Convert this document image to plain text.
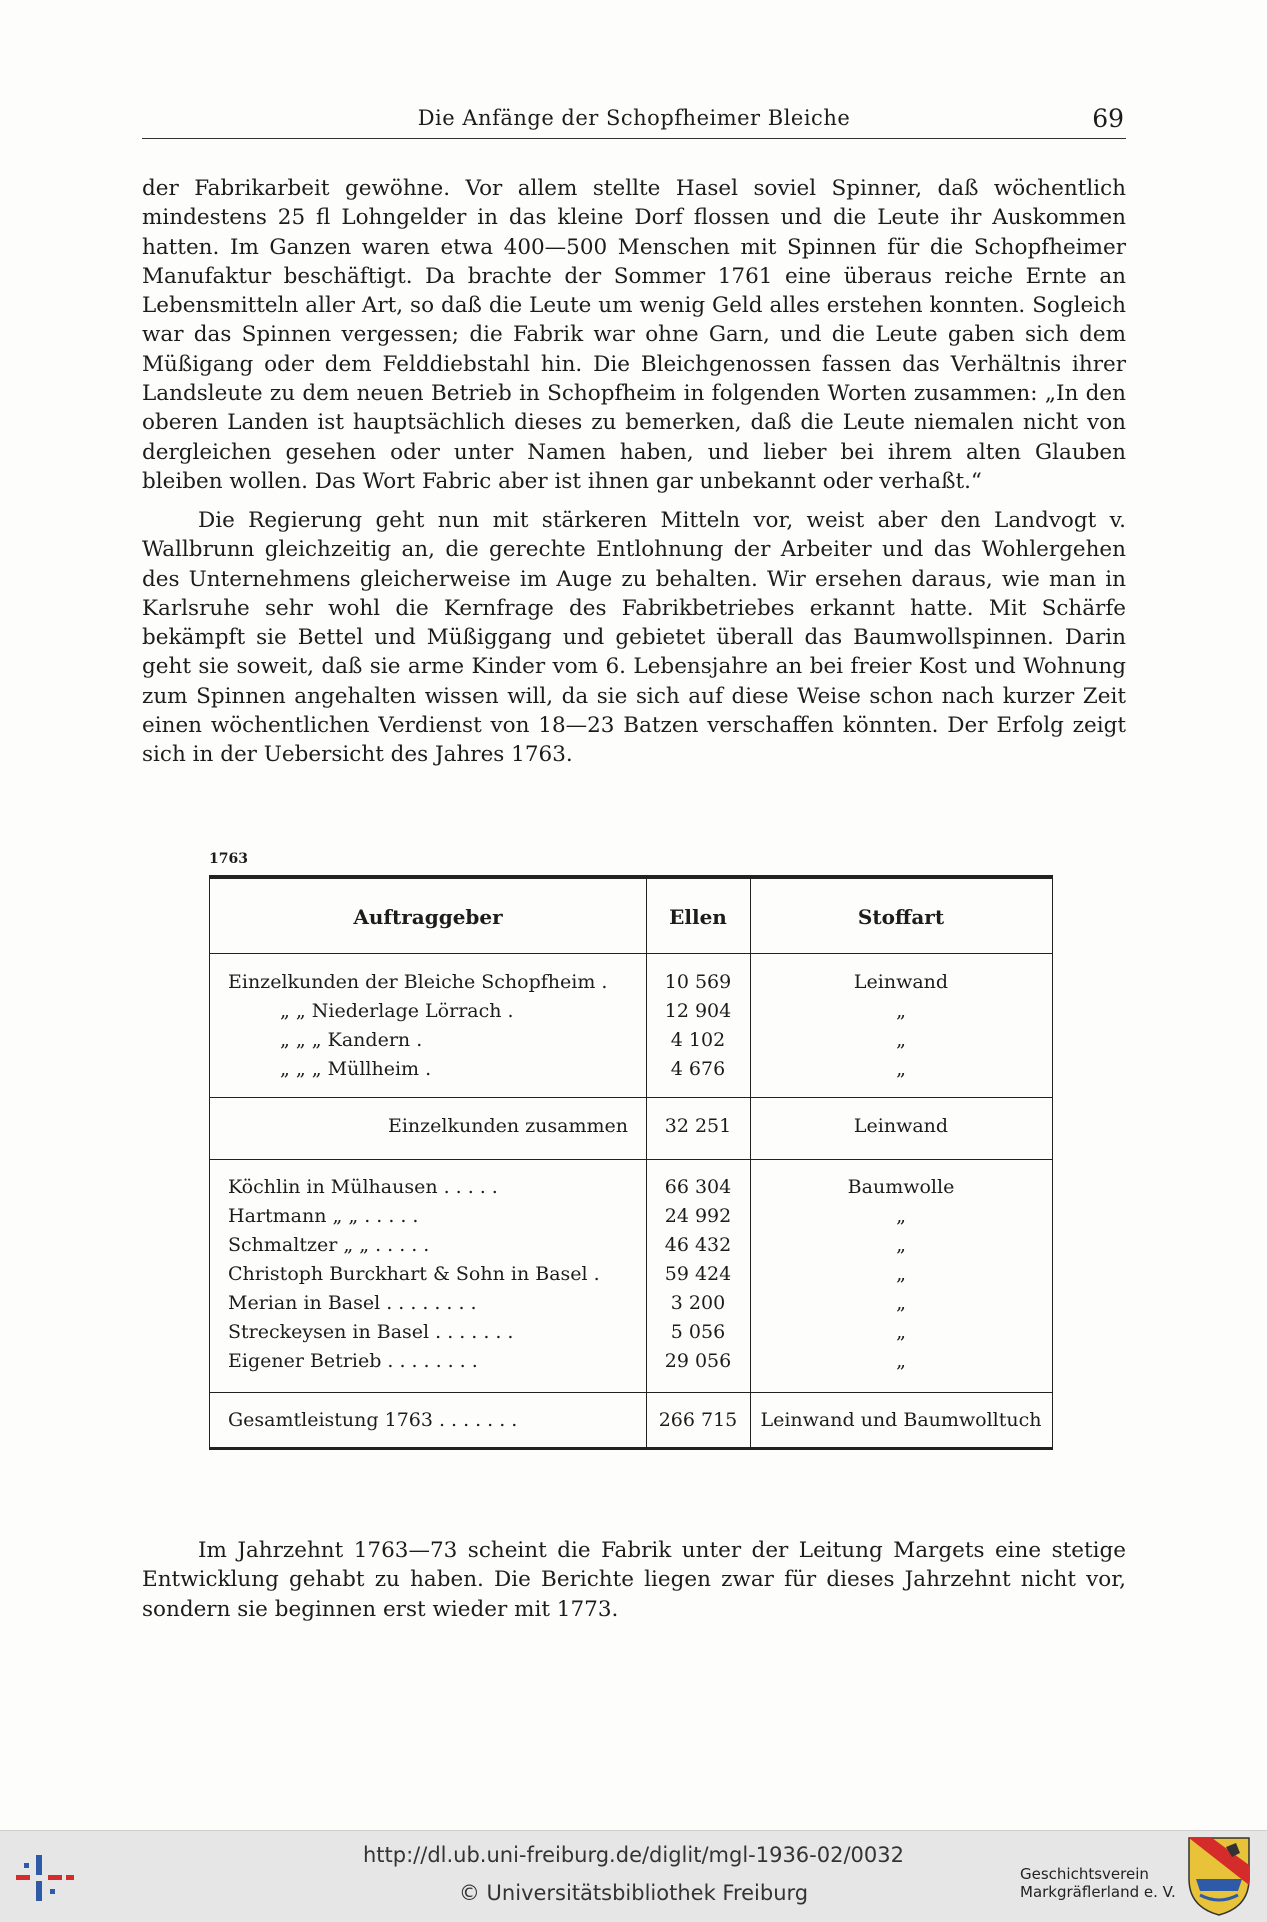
Die Anfänge der Schopfheimer Bleiche	69

der Fabrikarbeit gewöhne. Vor allem stellte Hasel soviel Spinner, daß wöchentlich mindestens 25 fl Lohngelder in das kleine Dorf flossen und die Leute ihr Auskommen hatten. Im Ganzen waren etwa 400—500 Menschen mit Spinnen für die Schopfheimer Manufaktur beschäftigt. Da brachte der Sommer 1761 eine überaus reiche Ernte an Lebensmitteln aller Art, so daß die Leute um wenig Geld alles erstehen konnten. Sogleich war das Spinnen vergessen; die Fabrik war ohne Garn, und die Leute gaben sich dem Müßigang oder dem Felddiebstahl hin. Die Bleichgenossen fassen das Verhältnis ihrer Landsleute zu dem neuen Betrieb in Schopfheim in folgenden Worten zusammen: „In den oberen Landen ist hauptsächlich dieses zu bemerken, daß die Leute niemalen nicht von dergleichen gesehen oder unter Namen haben, und lieber bei ihrem alten Glauben bleiben wollen. Das Wort Fabric aber ist ihnen gar unbekannt oder verhaßt.“

Die Regierung geht nun mit stärkeren Mitteln vor, weist aber den Landvogt v. Wallbrunn gleichzeitig an, die gerechte Entlohnung der Arbeiter und das Wohlergehen des Unternehmens gleicherweise im Auge zu behalten. Wir ersehen daraus, wie man in Karlsruhe sehr wohl die Kernfrage des Fabrikbetriebes erkannt hatte. Mit Schärfe bekämpft sie Bettel und Müßiggang und gebietet überall das Baumwollspinnen. Darin geht sie soweit, daß sie arme Kinder vom 6. Lebensjahre an bei freier Kost und Wohnung zum Spinnen angehalten wissen will, da sie sich auf diese Weise schon nach kurzer Zeit einen wöchentlichen Verdienst von 18—23 Batzen verschaffen könnten. Der Erfolg zeigt sich in der Uebersicht des Jahres 1763.

1763
Auftraggeber	Ellen	Stoffart
Einzelkunden der Bleiche Schopfheim .	10 569	Leinwand
„ „ Niederlage Lörrach .	12 904	„
„ „ „ Kandern .	4 102	„
„ „ „ Müllheim .	4 676	„
Einzelkunden zusammen	32 251	Leinwand
Köchlin in Mülhausen .....	66 304	Baumwolle
Hartmann „ „ .....	24 992	„
Schmaltzer „ „ .....	46 432	„
Christoph Burckhart & Sohn in Basel .	59 424	„
Merian in Basel ........	3 200	„
Streckeysen in Basel .......	5 056	„
Eigener Betrieb ........	29 056	„
Gesamtleistung 1763 .......	266 715	Leinwand und Baumwolltuch

Im Jahrzehnt 1763—73 scheint die Fabrik unter der Leitung Margets eine stetige Entwicklung gehabt zu haben. Die Berichte liegen zwar für dieses Jahrzehnt nicht vor, sondern sie beginnen erst wieder mit 1773.

http://dl.ub.uni-freiburg.de/diglit/mgl-1936-02/0032
© Universitätsbibliothek Freiburg
Geschichtsverein
Markgräflerland e. V.
